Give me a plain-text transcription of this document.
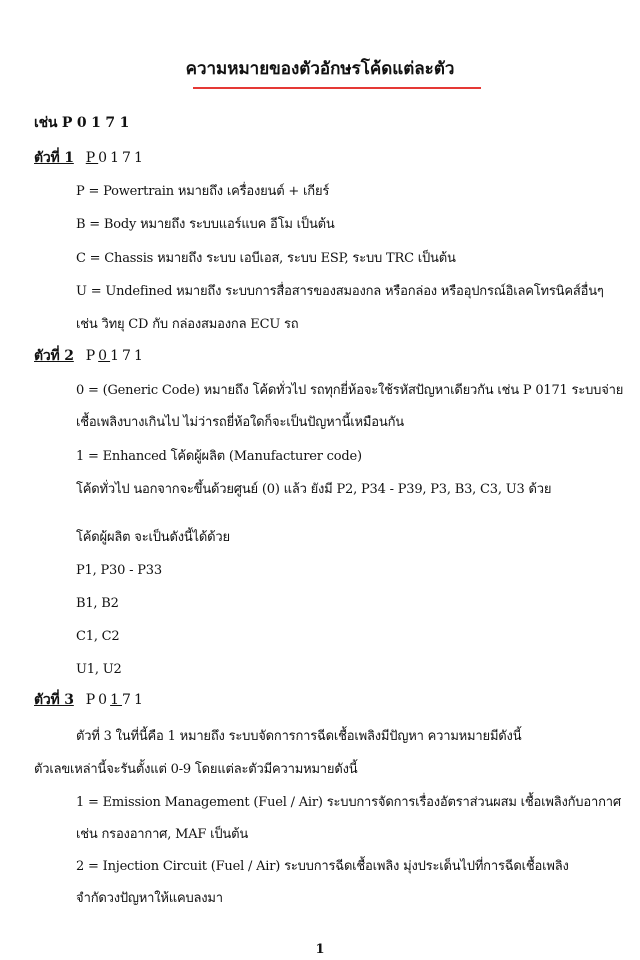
ความหมายของตัวอักษรโค้ดแต่ละตัว
เช่น P 0 1 7 1
ตัวที่ 1 P0171
P = Powertrain หมายถึง เครื่องยนต์ + เกียร์
B = Body หมายถึง ระบบแอร์แบค อีโม เป็นต้น
C = Chassis หมายถึง ระบบ เอบีเอส, ระบบ ESP, ระบบ TRC เป็นต้น
U = Undefined หมายถึง ระบบการสื่อสารของสมองกล หรือกล่อง หรืออุปกรณ์อิเลคโทรนิคส์อื่นๆ
เช่น วิทยุ CD กับ กล่องสมองกล ECU รถ
ตัวที่ 2 P0171
0 = (Generic Code) หมายถึง โค้ดทั่วไป รถทุกยี่ห้อจะใช้รหัสปัญหาเดียวกัน เช่น P 0171 ระบบจ่าย
เชื้อเพลิงบางเกินไป ไม่ว่ารถยี่ห้อใดก็จะเป็นปัญหานี้เหมือนกัน
1 = Enhanced โค้ดผู้ผลิต (Manufacturer code)
โค้ดทั่วไป นอกจากจะขึ้นด้วยศูนย์ (0) แล้ว ยังมี P2, P34 - P39, P3, B3, C3, U3 ด้วย
โค้ดผู้ผลิต จะเป็นดังนี้ได้ด้วย
P1, P30 - P33
B1, B2
C1, C2
U1, U2
ตัวที่ 3 P0171
ตัวที่ 3 ในที่นี้คือ 1 หมายถึง ระบบจัดการการฉีดเชื้อเพลิงมีปัญหา ความหมายมีดังนี้
ตัวเลขเหล่านี้จะรันตั้งแต่ 0-9 โดยแต่ละตัวมีความหมายดังนี้
1 = Emission Management (Fuel / Air) ระบบการจัดการเรื่องอัตราส่วนผสม เชื้อเพลิงกับอากาศ
เช่น กรองอากาศ, MAF เป็นต้น
2 = Injection Circuit (Fuel / Air) ระบบการฉีดเชื้อเพลิง มุ่งประเด็นไปที่การฉีดเชื้อเพลิง
จำกัดวงปัญหาให้แคบลงมา
1
